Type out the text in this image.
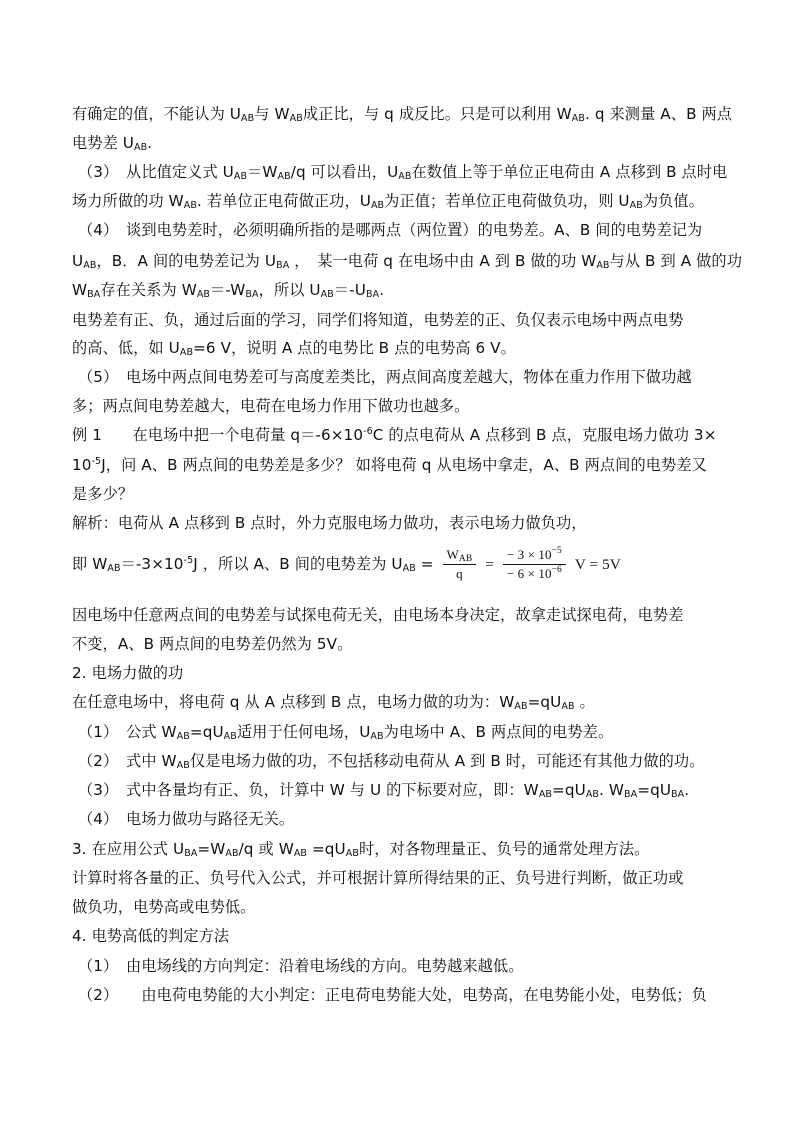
有确定的值，不能认为 $U_{AB}$与 $W_{AB}$成正比，与 q 成反比。只是可以利用 $W_{AB}$. q 来测量 A、B 两点
电势差 $U_{AB}$.
（3）　从比值定义式 $U_{AB}=W_{AB}/q$ 可以看出，$U_{AB}$在数值上等于单位正电荷由 A 点移到 B 点时电
场力所做的功 $W_{AB}$. 若单位正电荷做正功，$U_{AB}$为正值；若单位正电荷做负功，则 $U_{AB}$为负值。
（4）　谈到电势差时，必须明确所指的是哪两点（两位置）的电势差。A、B 间的电势差记为
$U_{AB}$，B．A 间的电势差记为 $U_{BA}$ ，　某一电荷 q 在电场中由 A 到 B 做的功 $W_{AB}$与从 B 到 A 做的功
$W_{BA}$存在关系为 $W_{AB}=-W_{BA}$，所以 $U_{AB}=-U_{BA}$.
电势差有正、负，通过后面的学习，同学们将知道，电势差的正、负仅表示电场中两点电势
的高、低，如 $U_{AB}=6$ V，说明 A 点的电势比 B 点的电势高 6 V。
（5）　电场中两点间电势差可与高度差类比，两点间高度差越大，物体在重力作用下做功越
多；两点间电势差越大，电荷在电场力作用下做功也越多。
例 1　　在电场中把一个电荷量 $q=-6\times 10^{-6}C$ 的点电荷从 A 点移到 B 点，克服电场力做功 3×
$10^{-5}J$，问 A、B 两点间的电势差是多少？ 如将电荷 q 从电场中拿走，A、B 两点间的电势差又
是多少？
解析：电荷从 A 点移到 B 点时，外力克服电场力做功，表示电场力做负功，
即 $W_{AB}=-3\times 10^{-5}J$ ，所以 A、B 间的电势差为 $U_{AB} = \frac{W_{AB}}{q} = \frac{- 3 \times 10^{-5}}{- 6 \times 10^{-6}}$ V = 5V
因电场中任意两点间的电势差与试探电荷无关，由电场本身决定，故拿走试探电荷，电势差
不变，A、B 两点间的电势差仍然为 5V。
2. 电场力做的功
在任意电场中，将电荷 q 从 A 点移到 B 点，电场力做的功为：$W_{AB}=qU_{AB}$ 。
（1）　公式 $W_{AB}=qU_{AB}$适用于任何电场，$U_{AB}$为电场中 A、B 两点间的电势差。
（2）　式中 $W_{AB}$仅是电场力做的功，不包括移动电荷从 A 到 B 时，可能还有其他力做的功。
（3）　式中各量均有正、负，计算中 W 与 U 的下标要对应，即：$W_{AB}=qU_{AB}$. $W_{BA}=qU_{BA}$.
（4）　电场力做功与路径无关。
3. 在应用公式 $U_{BA}=W_{AB}/q$ 或 $W_{AB} =qU_{AB}$时，对各物理量正、负号的通常处理方法。
计算时将各量的正、负号代入公式，并可根据计算所得结果的正、负号进行判断，做正功或
做负功，电势高或电势低。
4. 电势高低的判定方法
（1）　由电场线的方向判定：沿着电场线的方向。电势越来越低。
（2）　　由电荷电势能的大小判定：正电荷电势能大处，电势高，在电势能小处，电势低；负
